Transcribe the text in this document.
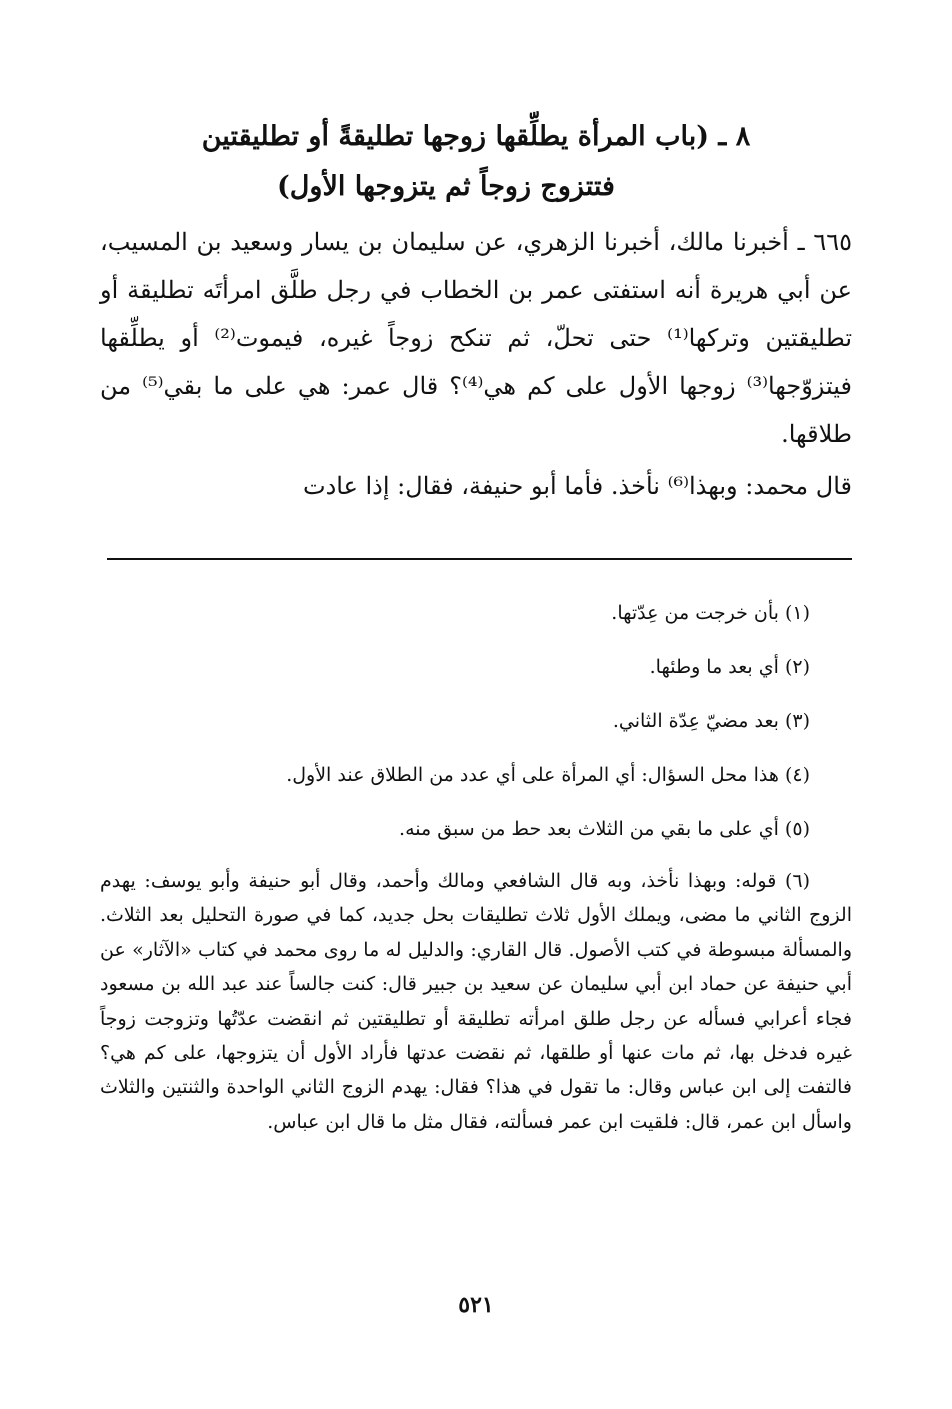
٨ ـ (باب المرأة يطلِّقها زوجها تطليقةً أو تطليقتين
فتتزوج زوجاً ثم يتزوجها الأول)

٦٦٥ ـ أخبرنا مالك، أخبرنا الزهري، عن سليمان بن يسار وسعيد بن المسيب، عن أبي هريرة أنه استفتى عمر بن الخطاب في رجل طلَّق امرأتَه تطليقة أو تطليقتين وتركها⁽¹⁾ حتى تحلّ، ثم تنكح زوجاً غيره، فيموت⁽²⁾ أو يطلِّقها فيتزوّجها⁽³⁾ زوجها الأول على كم هي⁽⁴⁾؟ قال عمر: هي على ما بقي⁽⁵⁾ من طلاقها.

قال محمد: وبهذا⁽⁶⁾ نأخذ. فأما أبو حنيفة، فقال: إذا عادت

(١) بأن خرجت من عِدّتها.

(٢) أي بعد ما وطئها.

(٣) بعد مضيّ عِدّة الثاني.

(٤) هذا محل السؤال: أي المرأة على أي عدد من الطلاق عند الأول.

(٥) أي على ما بقي من الثلاث بعد حط من سبق منه.

(٦) قوله: وبهذا نأخذ، وبه قال الشافعي ومالك وأحمد، وقال أبو حنيفة وأبو يوسف: يهدم الزوج الثاني ما مضى، ويملك الأول ثلاث تطليقات بحل جديد، كما في صورة التحليل بعد الثلاث. والمسألة مبسوطة في كتب الأصول. قال القاري: والدليل له ما روى محمد في كتاب «الآثار» عن أبي حنيفة عن حماد ابن أبي سليمان عن سعيد بن جبير قال: كنت جالساً عند عبد الله بن مسعود فجاء أعرابي فسأله عن رجل طلق امرأته تطليقة أو تطليقتين ثم انقضت عدّتُها وتزوجت زوجاً غيره فدخل بها، ثم مات عنها أو طلقها، ثم نقضت عدتها فأراد الأول أن يتزوجها، على كم هي؟ فالتفت إلى ابن عباس وقال: ما تقول في هذا؟ فقال: يهدم الزوج الثاني الواحدة والثنتين والثلاث واسأل ابن عمر، قال: فلقيت ابن عمر فسألته، فقال مثل ما قال ابن عباس.

٥٢١
